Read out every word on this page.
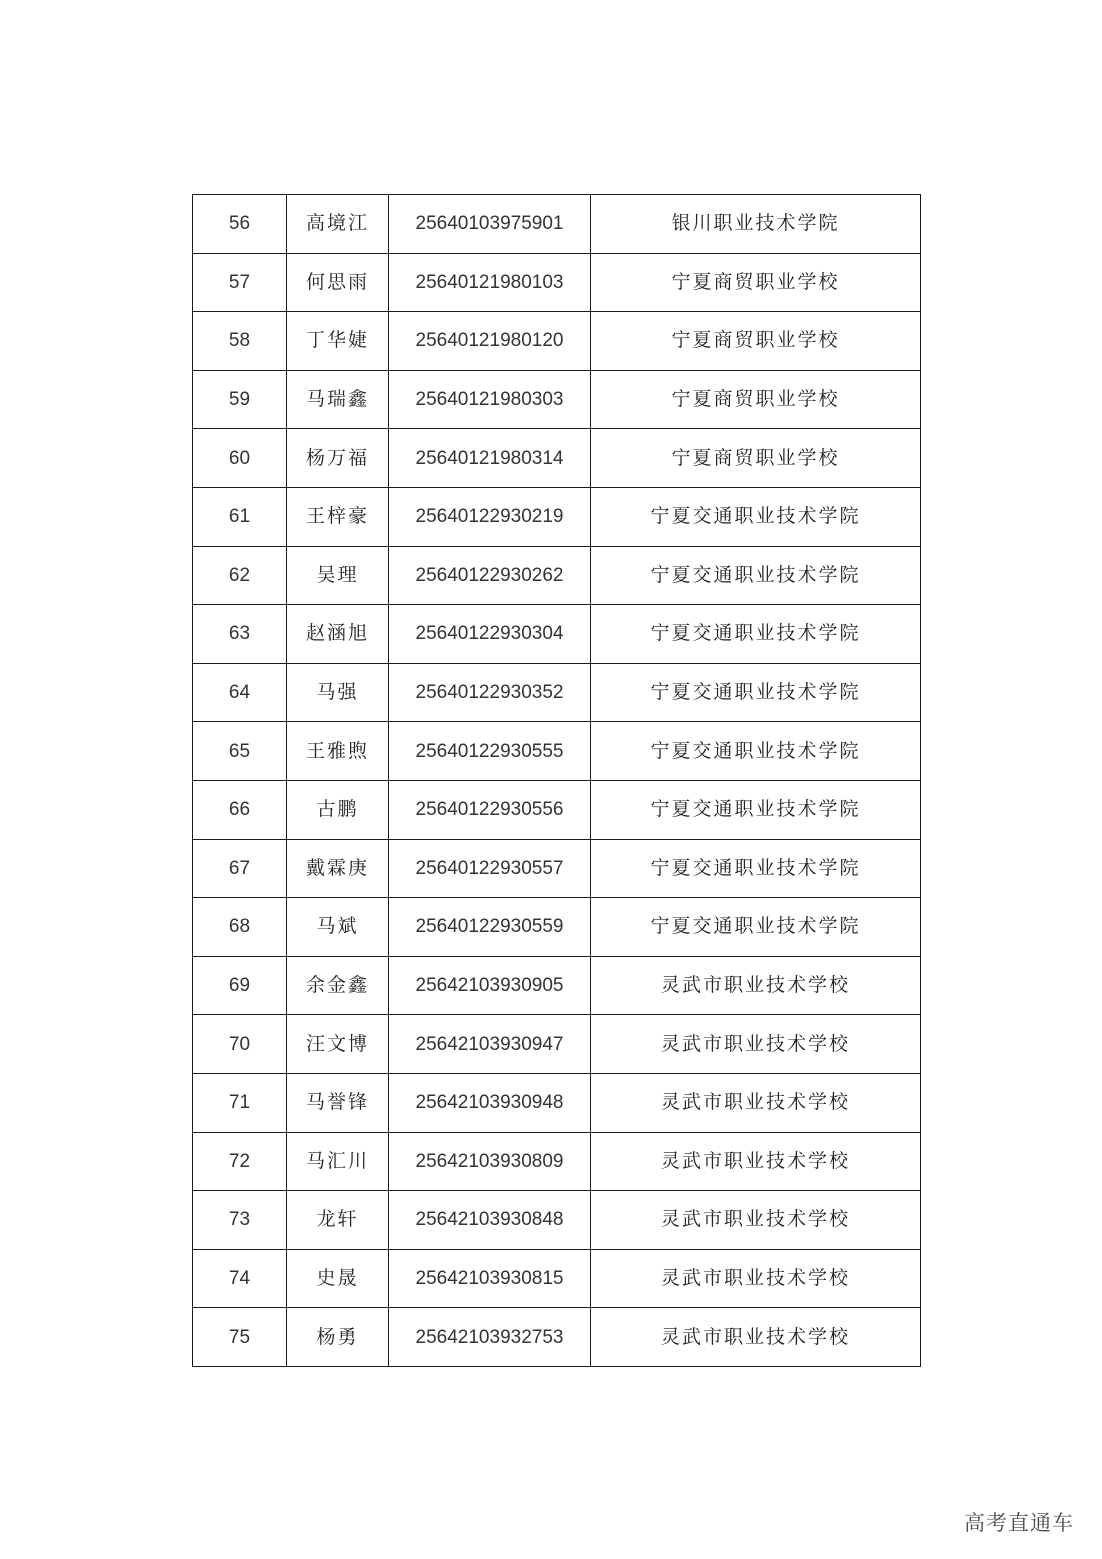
56	高境江	25640103975901	银川职业技术学院
57	何思雨	25640121980103	宁夏商贸职业学校
58	丁华婕	25640121980120	宁夏商贸职业学校
59	马瑞鑫	25640121980303	宁夏商贸职业学校
60	杨万福	25640121980314	宁夏商贸职业学校
61	王梓豪	25640122930219	宁夏交通职业技术学院
62	吴理	25640122930262	宁夏交通职业技术学院
63	赵涵旭	25640122930304	宁夏交通职业技术学院
64	马强	25640122930352	宁夏交通职业技术学院
65	王雅煦	25640122930555	宁夏交通职业技术学院
66	古鹏	25640122930556	宁夏交通职业技术学院
67	戴霖庚	25640122930557	宁夏交通职业技术学院
68	马斌	25640122930559	宁夏交通职业技术学院
69	余金鑫	25642103930905	灵武市职业技术学校
70	汪文博	25642103930947	灵武市职业技术学校
71	马誉锋	25642103930948	灵武市职业技术学校
72	马汇川	25642103930809	灵武市职业技术学校
73	龙轩	25642103930848	灵武市职业技术学校
74	史晟	25642103930815	灵武市职业技术学校
75	杨勇	25642103932753	灵武市职业技术学校
高考直通车
